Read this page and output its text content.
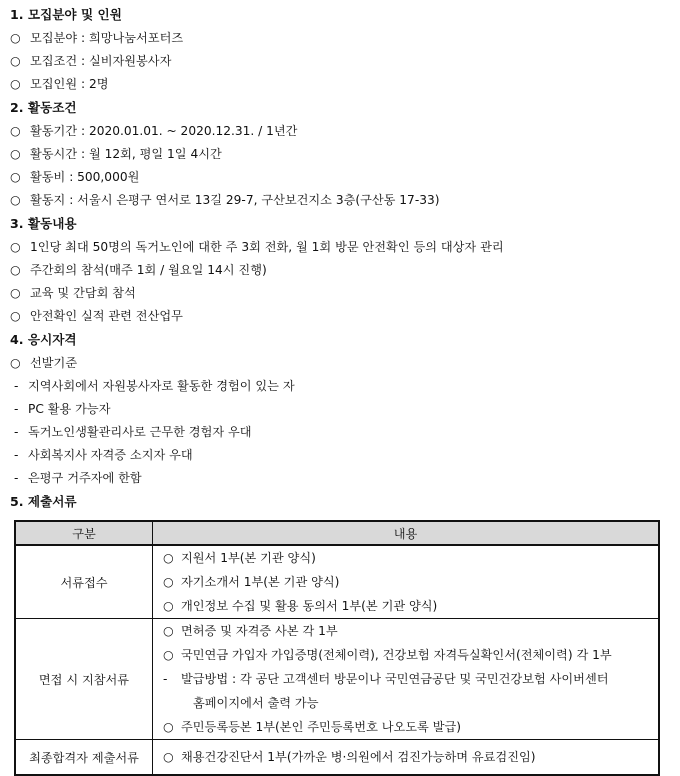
1. 모집분야 및 인원
○ 모집분야 : 희망나눔서포터즈
○ 모집조건 : 실비자원봉사자
○ 모집인원 : 2명
2. 활동조건
○ 활동기간 : 2020.01.01. ~ 2020.12.31. / 1년간
○ 활동시간 : 월 12회, 평일 1일 4시간
○ 활동비 : 500,000원
○ 활동지 : 서울시 은평구 연서로 13길 29-7, 구산보건지소 3층(구산동 17-33)
3. 활동내용
○ 1인당 최대 50명의 독거노인에 대한 주 3회 전화, 월 1회 방문 안전확인 등의 대상자 관리
○ 주간회의 참석(매주 1회 / 월요일 14시 진행)
○ 교육 및 간담회 참석
○ 안전확인 실적 관련 전산업무
4. 응시자격
○ 선발기준
- 지역사회에서 자원봉사자로 활동한 경험이 있는 자
- PC 활용 가능자
- 독거노인생활관리사로 근무한 경험자 우대
- 사회복지사 자격증 소지자 우대
- 은평구 거주자에 한함
5. 제출서류
구분	내용
서류접수	○ 지원서 1부(본 기관 양식)
○ 자기소개서 1부(본 기관 양식)
○ 개인정보 수집 및 활용 동의서 1부(본 기관 양식)

면접 시 지참서류	○ 면허증 및 자격증 사본 각 1부
○ 국민연금 가입자 가입증명(전체이력), 건강보험 자격득실확인서(전체이력) 각 1부
- 발급방법 : 각 공단 고객센터 방문이나 국민연금공단 및 국민건강보험 사이버센터
홈페이지에서 출력 가능
○ 주민등록등본 1부(본인 주민등록번호 나오도록 발급)

최종합격자 제출서류	○ 채용건강진단서 1부(가까운 병·의원에서 검진가능하며 유료검진임)
